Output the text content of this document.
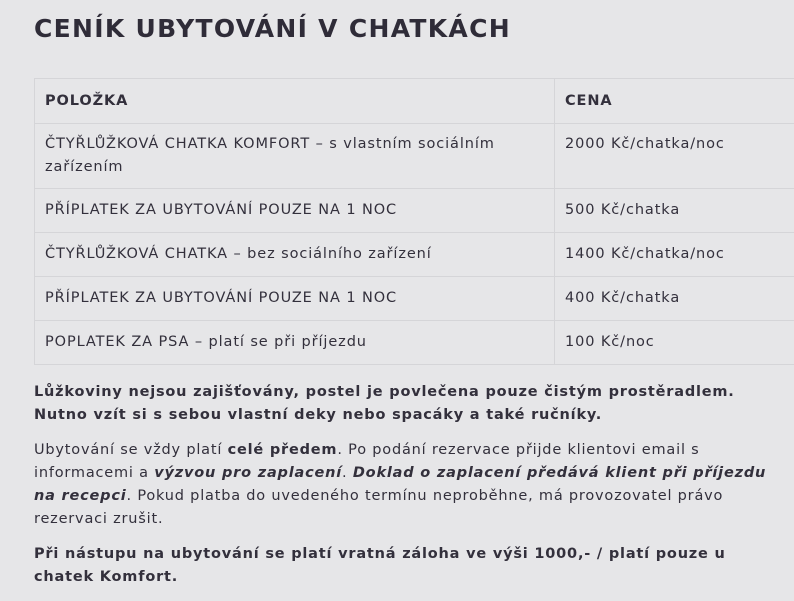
CENÍK UBYTOVÁNÍ V CHATKÁCH
POLOŽKA	CENA
ČTYŘLŮŽKOVÁ CHATKA KOMFORT – s vlastním sociálním zařízením	2000 Kč/chatka/noc
PŘÍPLATEK ZA UBYTOVÁNÍ POUZE NA 1 NOC	500 Kč/chatka
ČTYŘLŮŽKOVÁ CHATKA – bez sociálního zařízení	1400 Kč/chatka/noc
PŘÍPLATEK ZA UBYTOVÁNÍ POUZE NA 1 NOC	400 Kč/chatka
POPLATEK ZA PSA – platí se při příjezdu	100 Kč/noc

Lůžkoviny nejsou zajišťovány, postel je povlečena pouze čistým prostěradlem. Nutno vzít si s sebou vlastní deky nebo spacáky a také ručníky.

Ubytování se vždy platí celé předem. Po podání rezervace přijde klientovi email s informacemi a výzvou pro zaplacení. Doklad o zaplacení předává klient při příjezdu na recepci. Pokud platba do uvedeného termínu neproběhne, má provozovatel právo rezervaci zrušit.

Při nástupu na ubytování se platí vratná záloha ve výši 1000,- / platí pouze u chatek Komfort.
